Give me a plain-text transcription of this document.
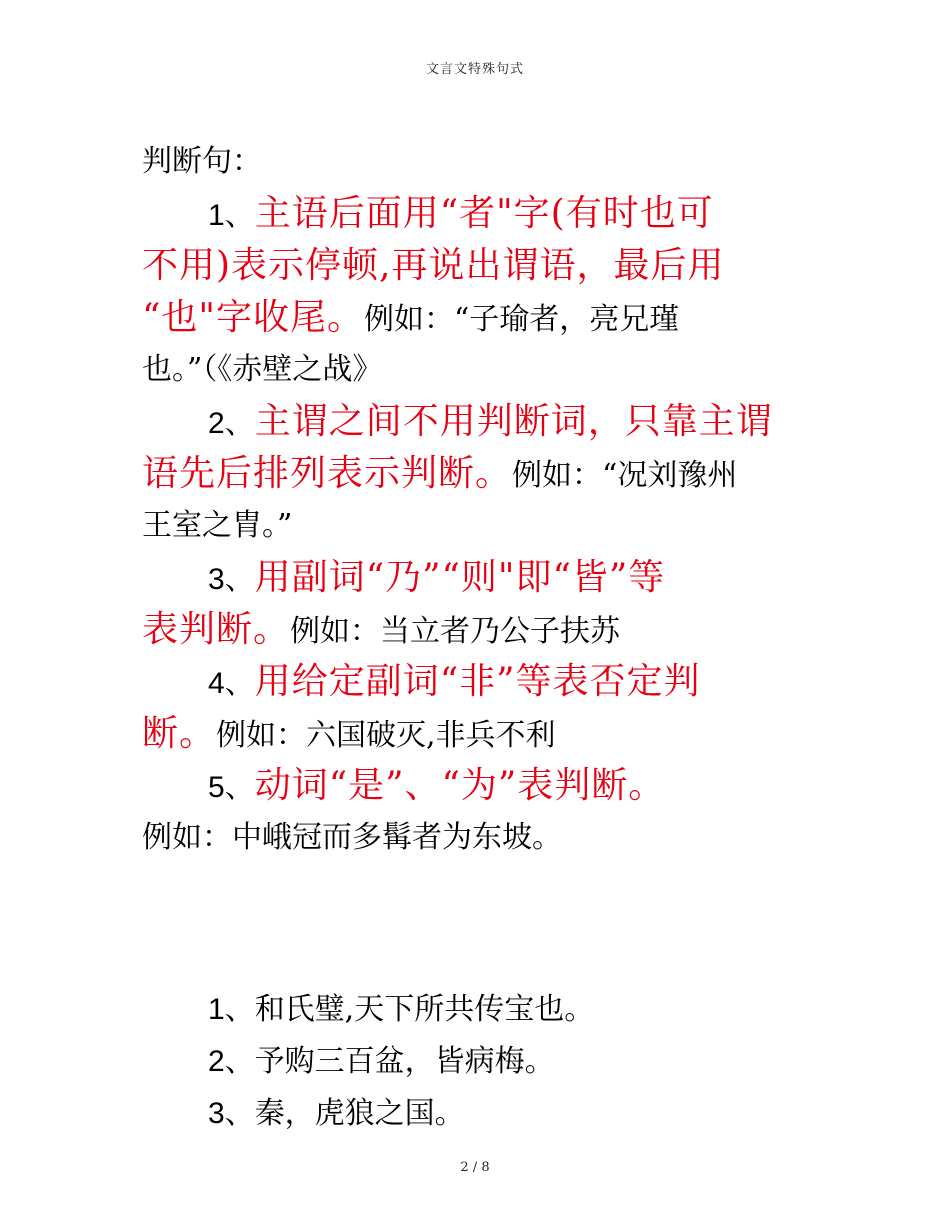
文言文特殊句式
判断句：
1、主语后面用“者"字(有时也可
不用)表示停顿,再说出谓语，最后用
“也"字收尾。例如：“子瑜者，亮兄瑾
也。”（《赤壁之战》
2、主谓之间不用判断词，只靠主谓
语先后排列表示判断。例如：“况刘豫州
王室之胄。”
3、用副词“乃”“则"即“皆”等
表判断。例如：当立者乃公子扶苏
4、用给定副词“非”等表否定判
断。例如：六国破灭,非兵不利
5、动词“是”、“为”表判断。
例如：中峨冠而多髯者为东坡。
1、和氏璧,天下所共传宝也。
2、予购三百盆，皆病梅。
3、秦，虎狼之国。
2 / 8
